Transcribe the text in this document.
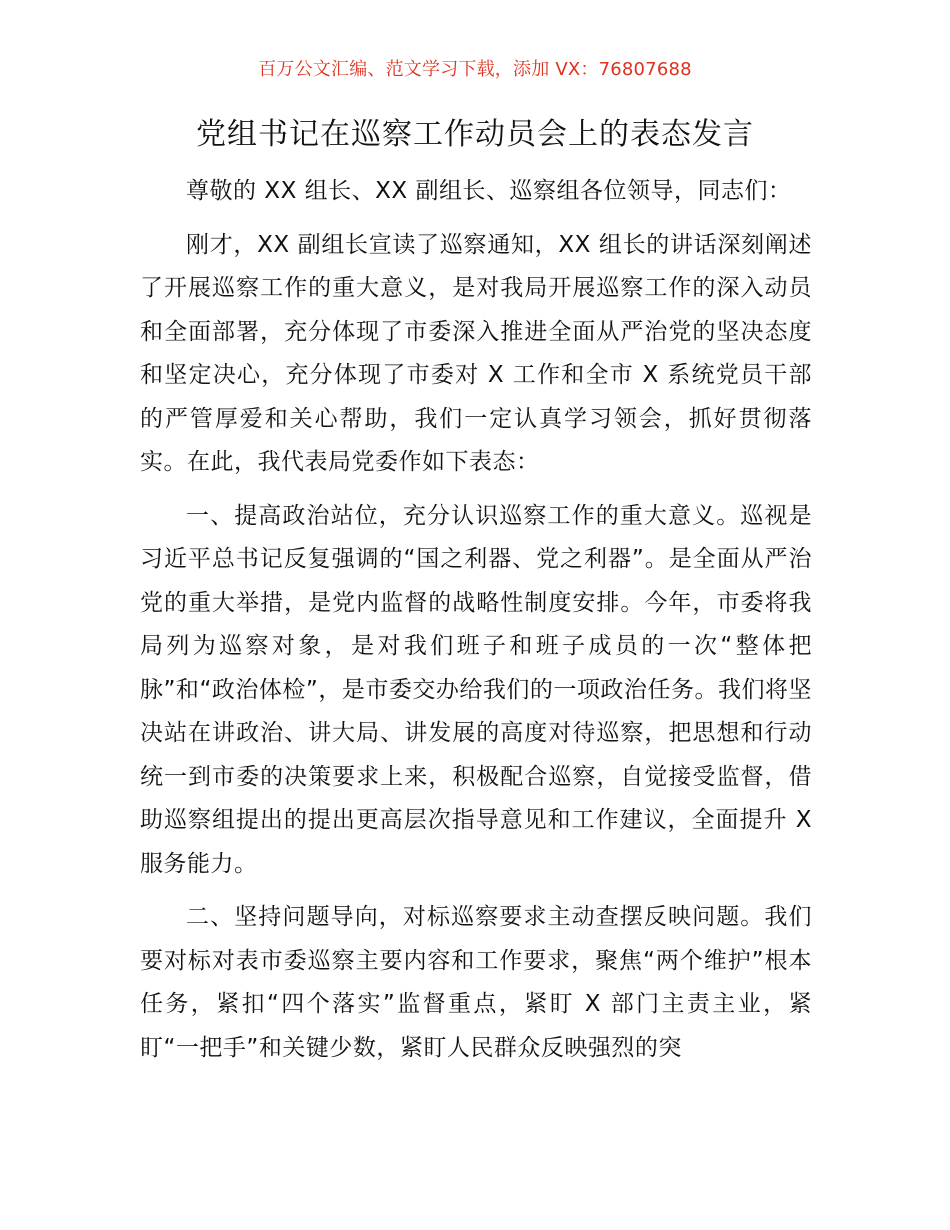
百万公文汇编、范文学习下载，添加 VX：76807688
党组书记在巡察工作动员会上的表态发言

尊敬的 XX 组长、XX 副组长、巡察组各位领导，同志们：

刚才，XX 副组长宣读了巡察通知，XX 组长的讲话深刻阐述了开展巡察工作的重大意义，是对我局开展巡察工作的深入动员和全面部署，充分体现了市委深入推进全面从严治党的坚决态度和坚定决心，充分体现了市委对 X 工作和全市 X 系统党员干部的严管厚爱和关心帮助，我们一定认真学习领会，抓好贯彻落实。在此，我代表局党委作如下表态：

一、提高政治站位，充分认识巡察工作的重大意义。巡视是习近平总书记反复强调的“国之利器、党之利器”。是全面从严治党的重大举措，是党内监督的战略性制度安排。今年，市委将我局列为巡察对象，是对我们班子和班子成员的一次“整体把脉”和“政治体检”，是市委交办给我们的一项政治任务。我们将坚决站在讲政治、讲大局、讲发展的高度对待巡察，把思想和行动统一到市委的决策要求上来，积极配合巡察，自觉接受监督，借助巡察组提出的提出更高层次指导意见和工作建议，全面提升 X 服务能力。

二、坚持问题导向，对标巡察要求主动查摆反映问题。我们要对标对表市委巡察主要内容和工作要求，聚焦“两个维护”根本任务，紧扣“四个落实”监督重点，紧盯 X 部门主责主业，紧盯“一把手”和关键少数，紧盯人民群众反映强烈的突
